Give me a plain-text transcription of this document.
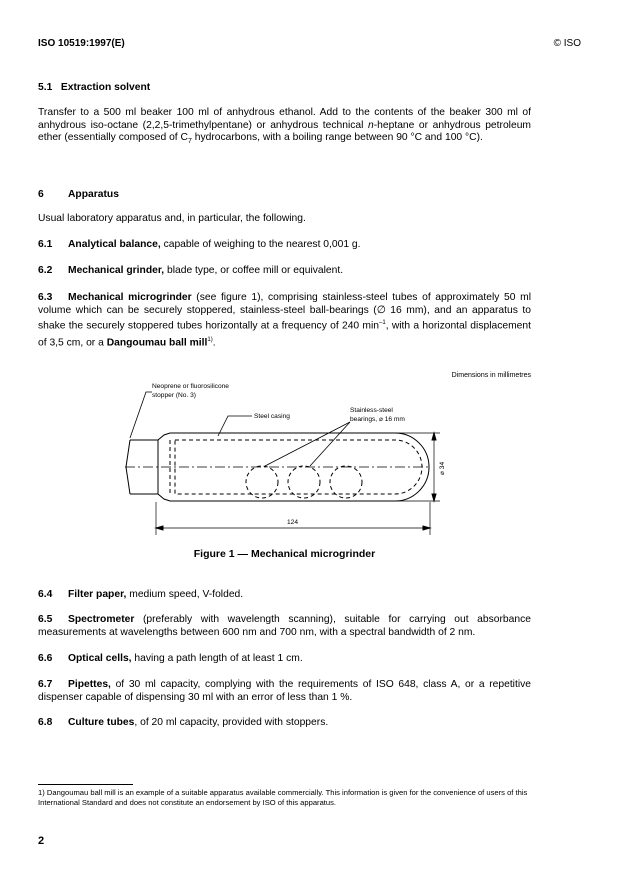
ISO 10519:1997(E)	© ISO
5.1   Extraction solvent
Transfer to a 500 ml beaker 100 ml of anhydrous ethanol. Add to the contents of the beaker 300 ml of anhydrous iso-octane (2,2,5-trimethylpentane) or anhydrous technical n-heptane or anhydrous petroleum ether (essentially composed of $C_7$ hydrocarbons, with a boiling range between 90 °C and 100 °C).
6 Apparatus
Usual laboratory apparatus and, in particular, the following.
6.1 Analytical balance, capable of weighing to the nearest 0,001 g.
6.2 Mechanical grinder, blade type, or coffee mill or equivalent.
6.3 Mechanical microgrinder (see figure 1), comprising stainless-steel tubes of approximately 50 ml volume which can be securely stoppered, stainless-steel ball-bearings (∅ 16 mm), and an apparatus to shake the securely stoppered tubes horizontally at a frequency of 240 $\min^{-1}$, with a horizontal displacement of 3,5 cm, or a Dangoumau ball mill$^{1)}$.
Dimensions in millimetres
Neoprene or fluorosilicone
stopper (No. 3)
Steel casing
Stainless-steel
bearings, ⌀ 16 mm
124
⌀ 34
Figure 1 — Mechanical microgrinder
6.4 Filter paper, medium speed, V-folded.
6.5 Spectrometer (preferably with wavelength scanning), suitable for carrying out absorbance measurements at wavelengths between 600 nm and 700 nm, with a spectral bandwidth of 2 nm.
6.6 Optical cells, having a path length of at least 1 cm.
6.7 Pipettes, of 30 ml capacity, complying with the requirements of ISO 648, class A, or a repetitive dispenser capable of dispensing 30 ml with an error of less than 1 %.
6.8 Culture tubes, of 20 ml capacity, provided with stoppers.
1) Dangoumau ball mill is an example of a suitable apparatus available commercially. This information is given for the convenience of users of this International Standard and does not constitute an endorsement by ISO of this apparatus.
2
